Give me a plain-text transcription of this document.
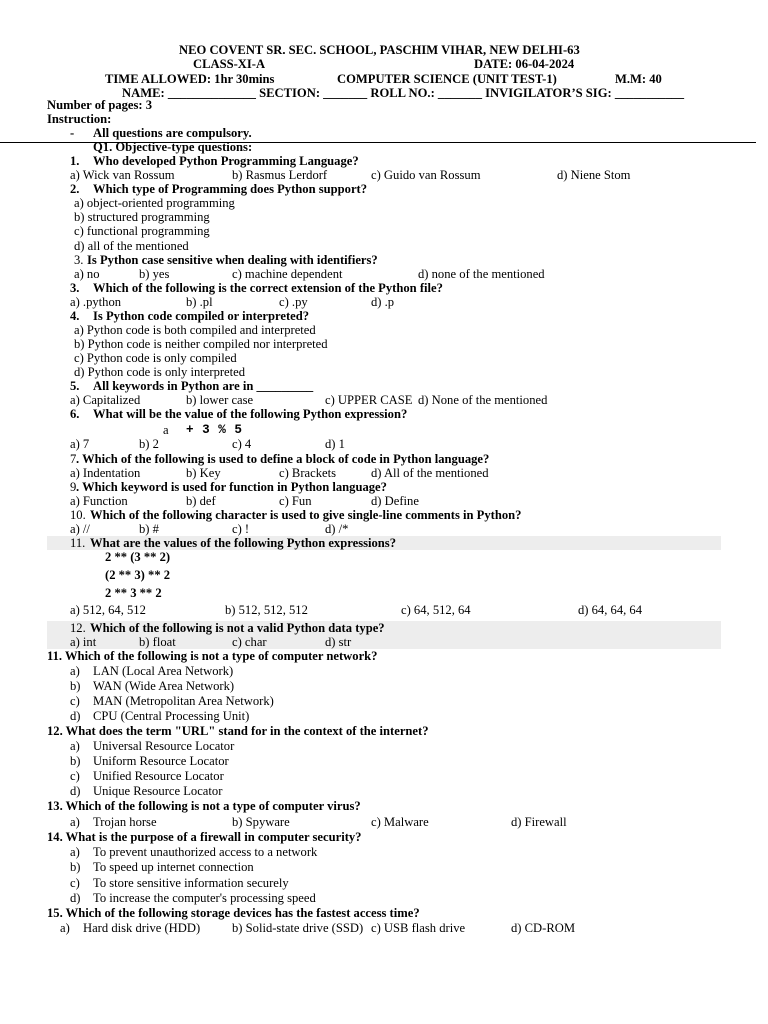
NEO COVENT SR. SEC. SCHOOL, PASCHIM VIHAR, NEW DELHI-63
CLASS-XI-A	DATE: 06-04-2024
TIME ALLOWED: 1hr 30mins	COMPUTER SCIENCE (UNIT TEST-1)	M.M: 40
NAME: ______________ SECTION: _______ ROLL NO.: _______ INVIGILATOR’S SIG: ___________
Number of pages: 3
Instruction:
- All questions are compulsory.
Q1. Objective-type questions:
1. Who developed Python Programming Language?
a) Wick van Rossum	b) Rasmus Lerdorf	c) Guido van Rossum	d) Niene Stom
2. Which type of Programming does Python support?
a) object-oriented programming
b) structured programming
c) functional programming
d) all of the mentioned
3. Is Python case sensitive when dealing with identifiers?
a) no	b) yes	c) machine dependent	d) none of the mentioned
3. Which of the following is the correct extension of the Python file?
a) .python	b) .pl	c) .py	d) .p
4. Is Python code compiled or interpreted?
a) Python code is both compiled and interpreted
b) Python code is neither compiled nor interpreted
c) Python code is only compiled
d) Python code is only interpreted
5. All keywords in Python are in _________
a) Capitalized	b) lower case	c) UPPER CASE d) None of the mentioned
6. What will be the value of the following Python expression?
a + 3 % 5
a) 7	b) 2	c) 4	d) 1
7 . Which of the following is used to define a block of code in Python language?
a) Indentation	b) Key	c) Brackets	d) All of the mentioned
9 . Which keyword is used for function in Python language?
a) Function	b) def	c) Fun	d) Define
10. Which of the following character is used to give single-line comments in Python?
a) //	b) #	c) !	d) /*
11. What are the values of the following Python expressions?
2 ** (3 ** 2)
(2 ** 3) ** 2
2 ** 3 ** 2
a) 512, 64, 512	b) 512, 512, 512	c) 64, 512, 64	d) 64, 64, 64
12. Which of the following is not a valid Python data type?
a) int	b) float	c) char	d) str
11. Which of the following is not a type of computer network?
a) LAN (Local Area Network)
b) WAN (Wide Area Network)
c) MAN (Metropolitan Area Network)
d) CPU (Central Processing Unit)
12. What does the term "URL" stand for in the context of the internet?
a) Universal Resource Locator
b) Uniform Resource Locator
c) Unified Resource Locator
d) Unique Resource Locator
13. Which of the following is not a type of computer virus?
a) Trojan horse	b) Spyware	c) Malware	d) Firewall
14. What is the purpose of a firewall in computer security?
a) To prevent unauthorized access to a network
b) To speed up internet connection
c) To store sensitive information securely
d) To increase the computer's processing speed
15. Which of the following storage devices has the fastest access time?
a) Hard disk drive (HDD)	b) Solid-state drive (SSD) c) USB flash drive	d) CD-ROM
